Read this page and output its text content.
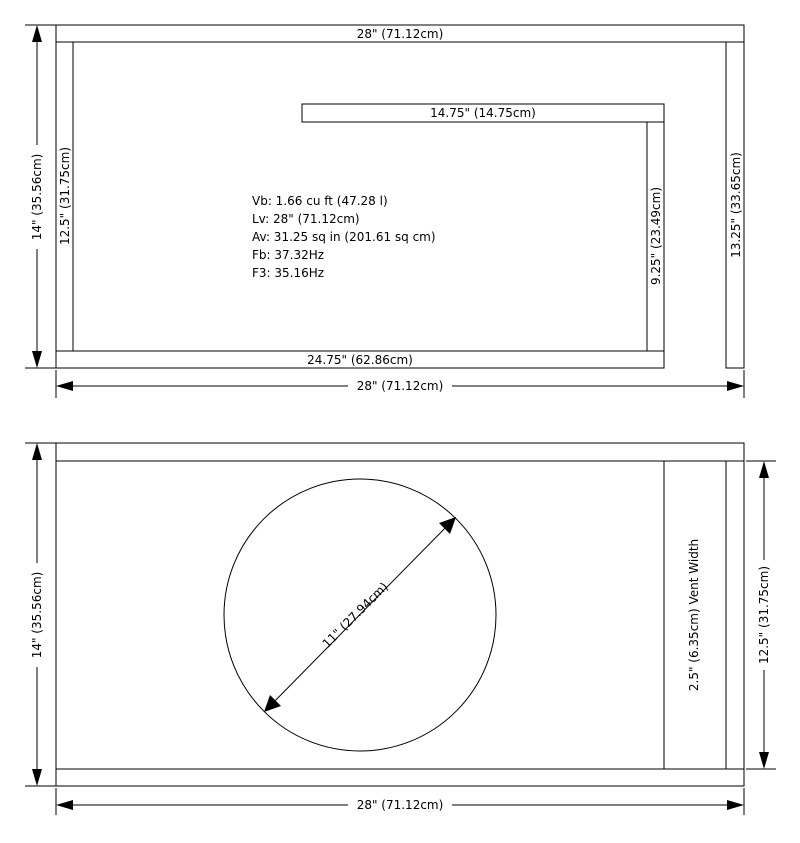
28" (71.12cm)
12.5" (31.75cm)	13.25" (33.65cm)
24.75" (62.86cm)
14.75" (14.75cm)
9.25" (23.49cm)
Vb: 1.66 cu ft (47.28 l)
Lv: 28" (71.12cm)
Av: 31.25 sq in (201.61 sq cm)
Fb: 37.32Hz
F3: 35.16Hz
14" (35.56cm)
28" (71.12cm)
2.5" (6.35cm) Vent Width
11" (27.94cm)
14" (35.56cm)	12.5" (31.75cm)
28" (71.12cm)
